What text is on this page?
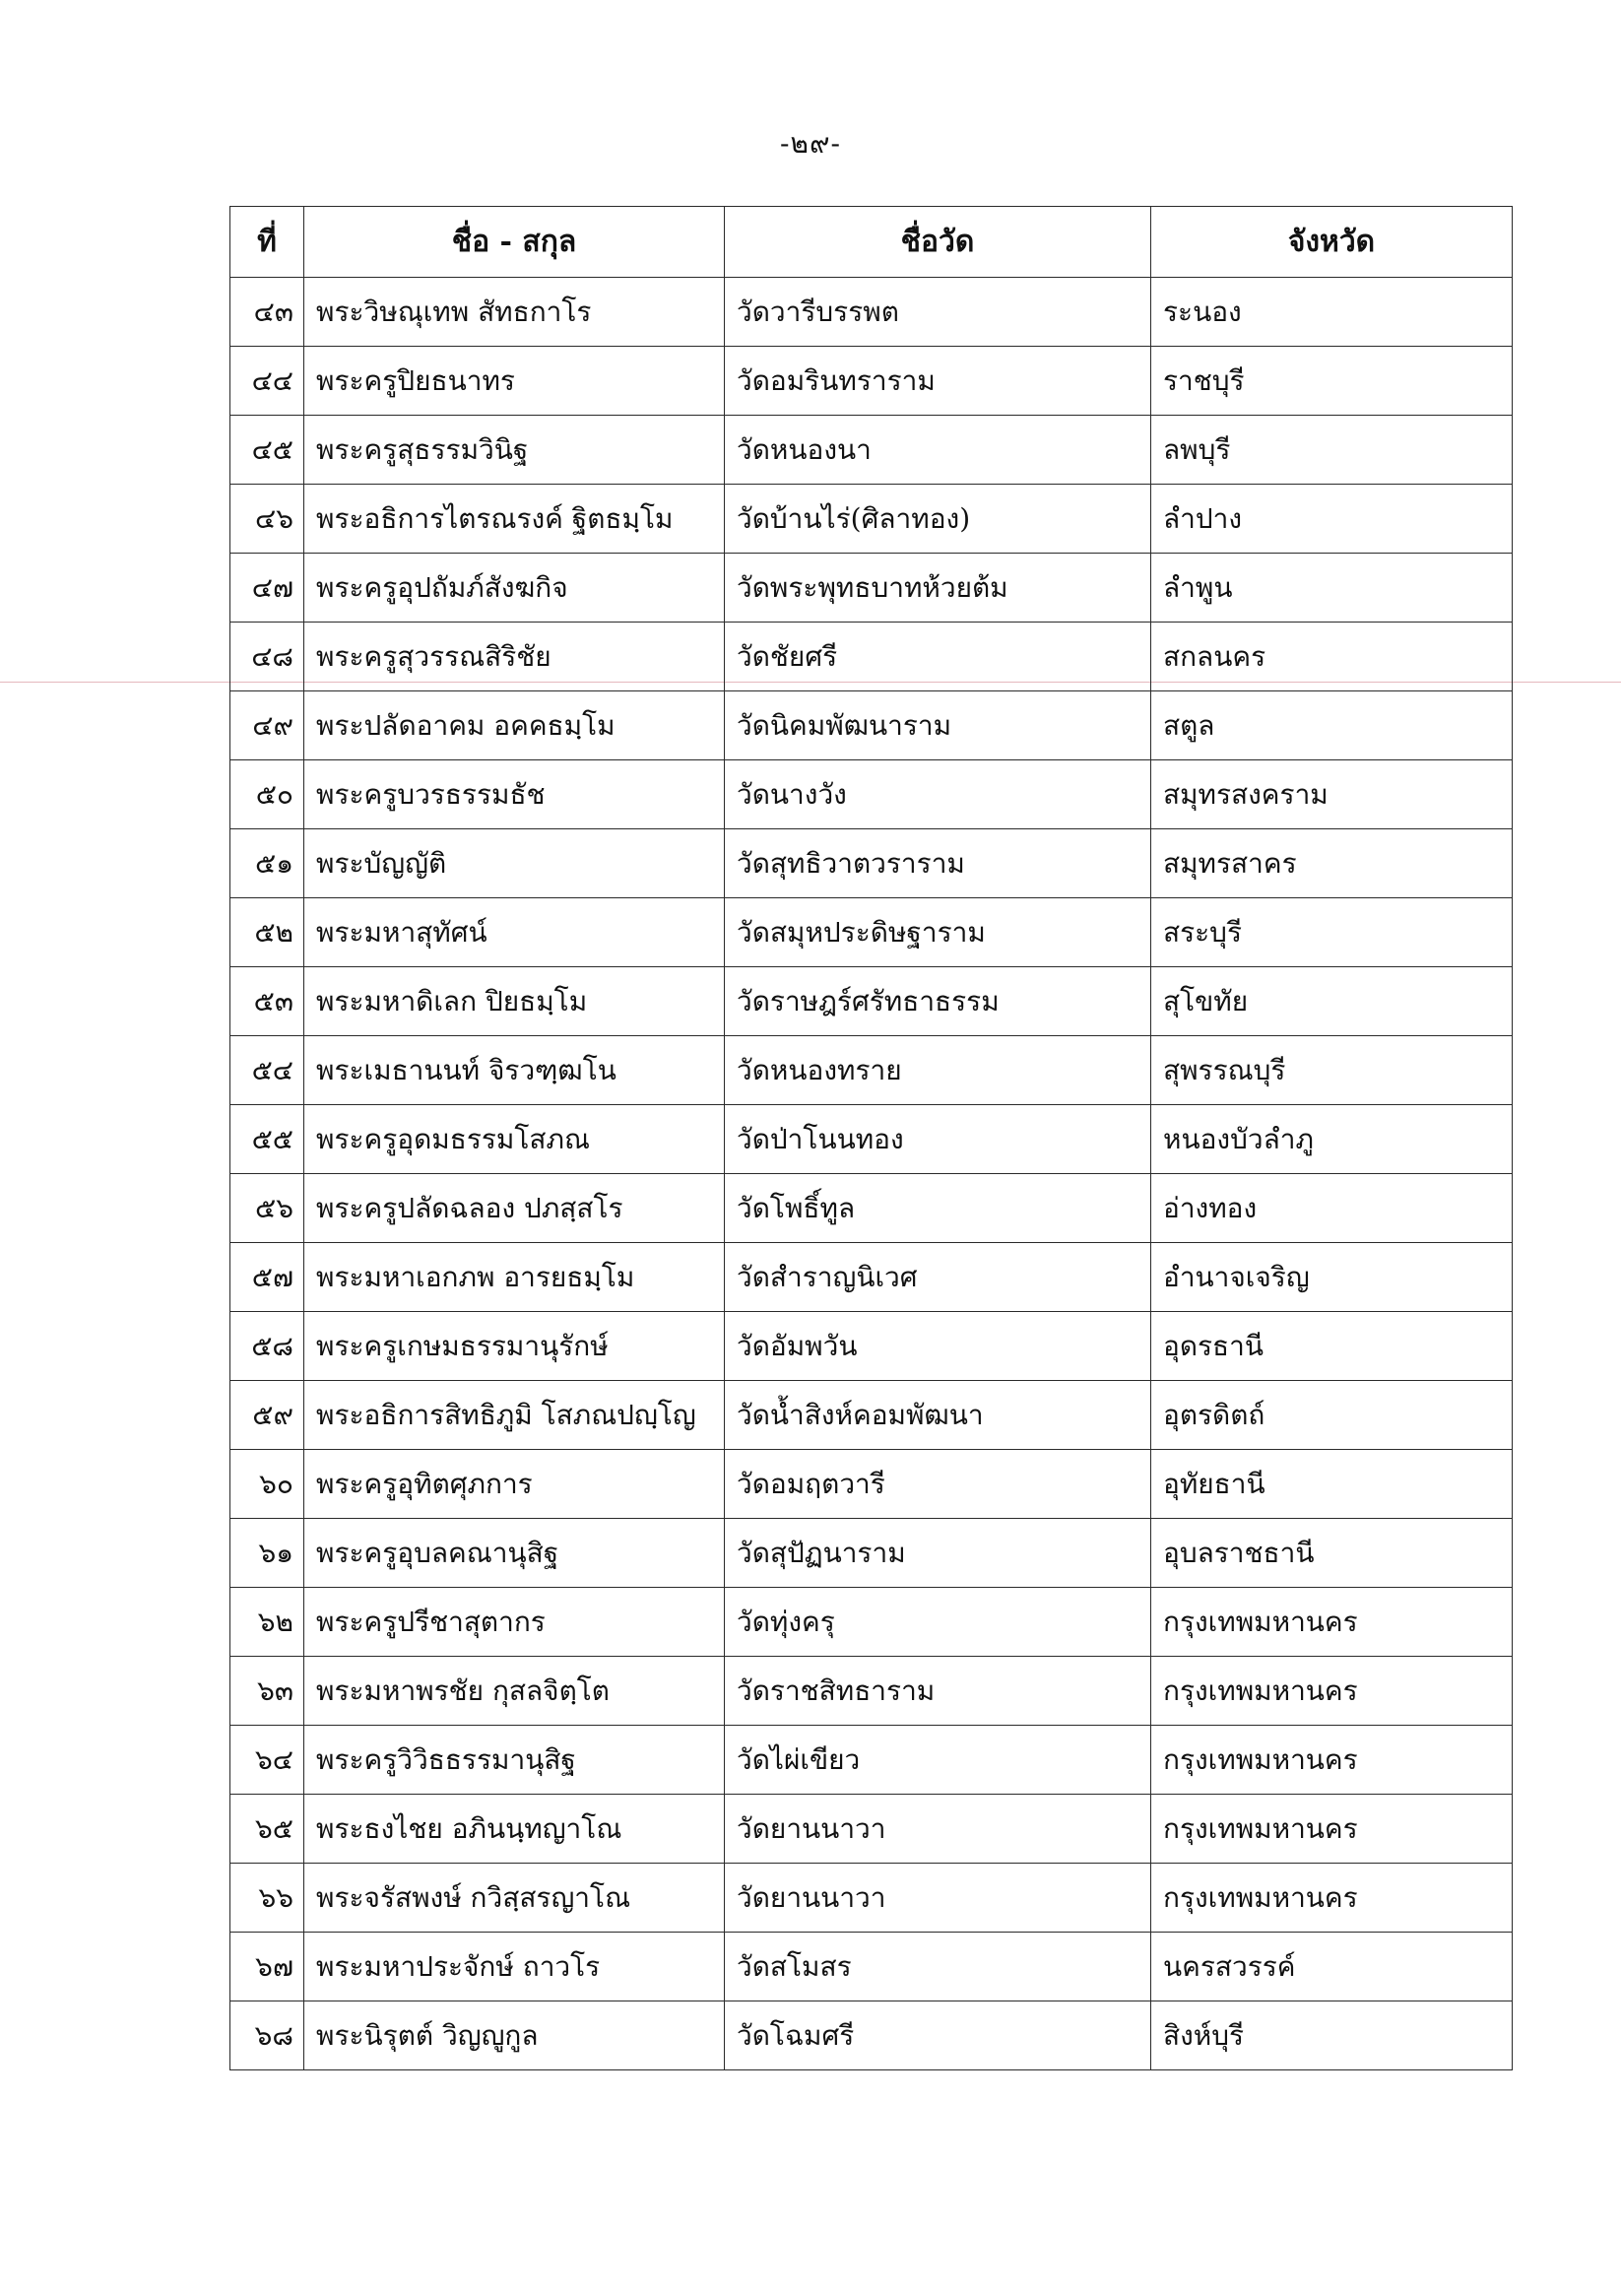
-๒๙-
ที่	ชื่อ - สกุล	ชื่อวัด	จังหวัด
๔๓	พระวิษณุเทพ สัทธกาโร	วัดวารีบรรพต	ระนอง
๔๔	พระครูปิยธนาทร	วัดอมรินทราราม	ราชบุรี
๔๕	พระครูสุธรรมวินิฐ	วัดหนองนา	ลพบุรี
๔๖	พระอธิการไตรณรงค์ ฐิตธมฺโม	วัดบ้านไร่(ศิลาทอง)	ลำปาง
๔๗	พระครูอุปถัมภ์สังฆกิจ	วัดพระพุทธบาทห้วยต้ม	ลำพูน
๔๘	พระครูสุวรรณสิริชัย	วัดชัยศรี	สกลนคร
๔๙	พระปลัดอาคม อคคธมฺโม	วัดนิคมพัฒนาราม	สตูล
๕๐	พระครูบวรธรรมธัช	วัดนางวัง	สมุทรสงคราม
๕๑	พระบัญญัติ	วัดสุทธิวาตวราราม	สมุทรสาคร
๕๒	พระมหาสุทัศน์	วัดสมุหประดิษฐาราม	สระบุรี
๕๓	พระมหาดิเลก ปิยธมฺโม	วัดราษฎร์ศรัทธาธรรม	สุโขทัย
๕๔	พระเมธานนท์ จิรวฑฺฒโน	วัดหนองทราย	สุพรรณบุรี
๕๕	พระครูอุดมธรรมโสภณ	วัดป่าโนนทอง	หนองบัวลำภู
๕๖	พระครูปลัดฉลอง ปภสฺสโร	วัดโพธิ์ทูล	อ่างทอง
๕๗	พระมหาเอกภพ อารยธมฺโม	วัดสำราญนิเวศ	อำนาจเจริญ
๕๘	พระครูเกษมธรรมานุรักษ์	วัดอัมพวัน	อุดรธานี
๕๙	พระอธิการสิทธิภูมิ โสภณปญฺโญ	วัดน้ำสิงห์คอมพัฒนา	อุตรดิตถ์
๖๐	พระครูอุทิตศุภการ	วัดอมฤตวารี	อุทัยธานี
๖๑	พระครูอุบลคณานุสิฐ	วัดสุปัฏนาราม	อุบลราชธานี
๖๒	พระครูปรีชาสุตากร	วัดทุ่งครุ	กรุงเทพมหานคร
๖๓	พระมหาพรชัย กุสลจิตฺโต	วัดราชสิทธาราม	กรุงเทพมหานคร
๖๔	พระครูวิวิธธรรมานุสิฐ	วัดไผ่เขียว	กรุงเทพมหานคร
๖๕	พระธงไชย อภินนฺทญาโณ	วัดยานนาวา	กรุงเทพมหานคร
๖๖	พระจรัสพงษ์ กวิสฺสรญาโณ	วัดยานนาวา	กรุงเทพมหานคร
๖๗	พระมหาประจักษ์ ถาวโร	วัดสโมสร	นครสวรรค์
๖๘	พระนิรุตต์ วิญญูกูล	วัดโฉมศรี	สิงห์บุรี
